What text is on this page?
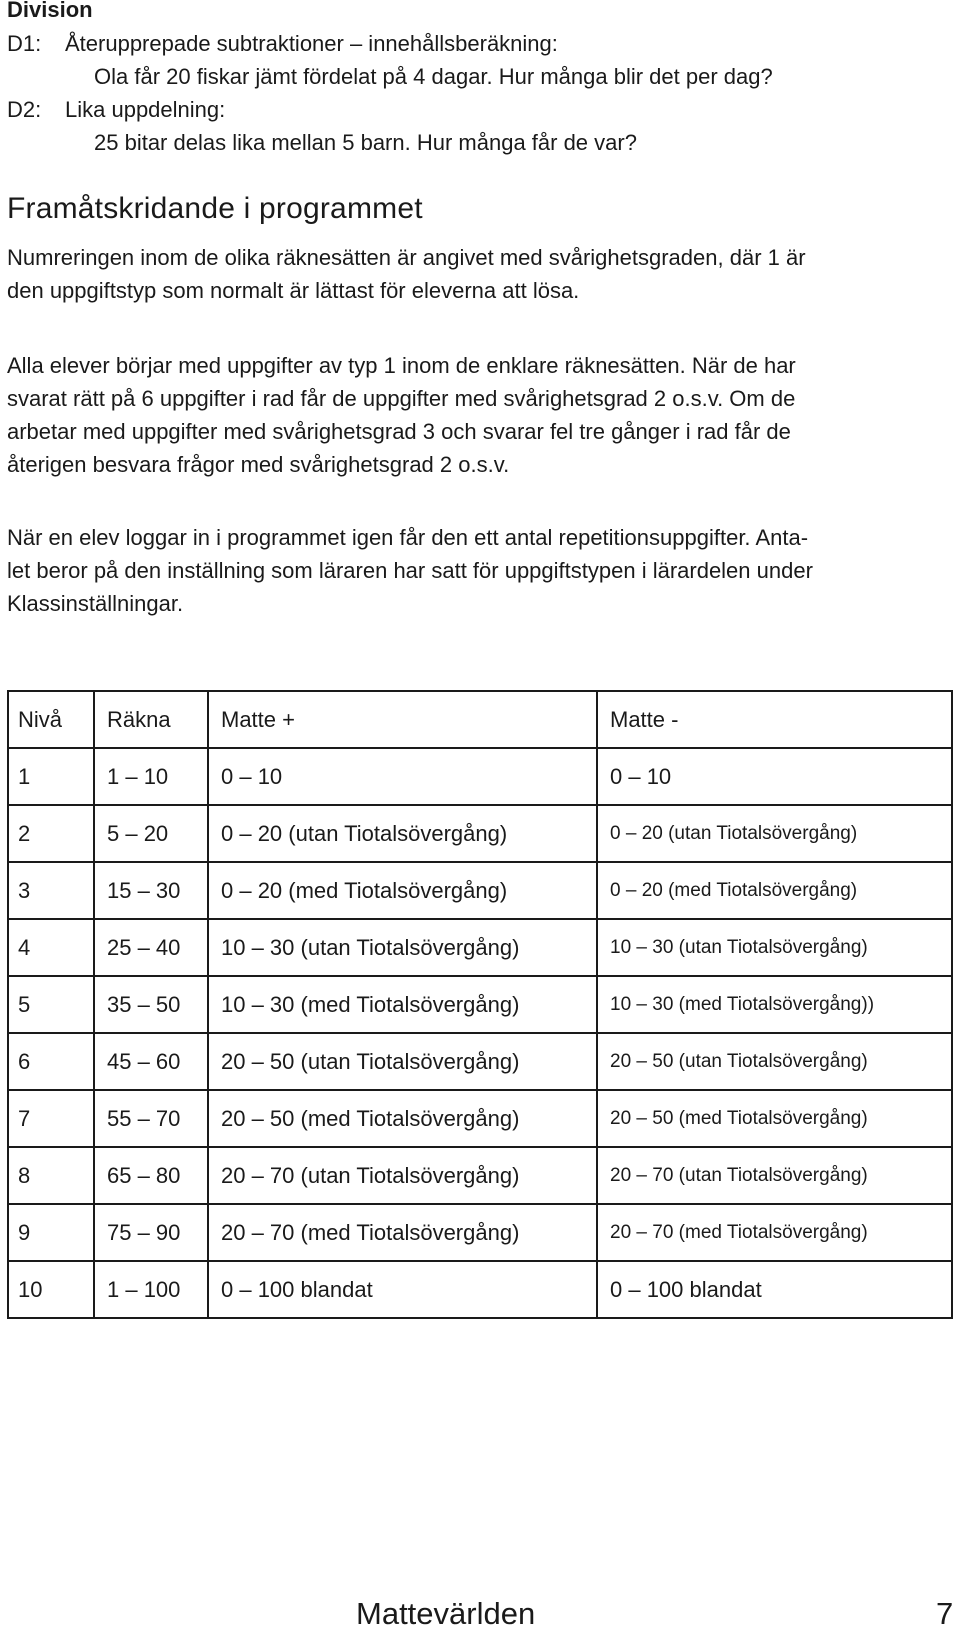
Division
D1: Återupprepade subtraktioner – innehållsberäkning:
Ola får 20 fiskar jämt fördelat på 4 dagar. Hur många blir det per dag?
D2: Lika uppdelning:
25 bitar delas lika mellan 5 barn. Hur många får de var?
Framåtskridande i programmet
Numreringen inom de olika räknesätten är angivet med svårighetsgraden, där 1 är
den uppgiftstyp som normalt är lättast för eleverna att lösa.
Alla elever börjar med uppgifter av typ 1 inom de enklare räknesätten. När de har
svarat rätt på 6 uppgifter i rad får de uppgifter med svårighetsgrad 2 o.s.v. Om de
arbetar med uppgifter med svårighetsgrad 3 och svarar fel tre gånger i rad får de
återigen besvara frågor med svårighetsgrad 2 o.s.v.
När en elev loggar in i programmet igen får den ett antal repetitionsuppgifter. Anta-
let beror på den inställning som läraren har satt för uppgiftstypen i lärardelen under
Klassinställningar.
Nivå	Räkna	Matte +	Matte -
1	1 – 10	0 – 10	0 – 10
2	5 – 20	0 – 20 (utan Tiotalsövergång)	0 – 20 (utan Tiotalsövergång)
3	15 – 30	0 – 20 (med Tiotalsövergång)	0 – 20 (med Tiotalsövergång)
4	25 – 40	10 – 30 (utan Tiotalsövergång)	10 – 30 (utan Tiotalsövergång)
5	35 – 50	10 – 30 (med Tiotalsövergång)	10 – 30 (med Tiotalsövergång))
6	45 – 60	20 – 50 (utan Tiotalsövergång)	20 – 50 (utan Tiotalsövergång)
7	55 – 70	20 – 50 (med Tiotalsövergång)	20 – 50 (med Tiotalsövergång)
8	65 – 80	20 – 70 (utan Tiotalsövergång)	20 – 70 (utan Tiotalsövergång)
9	75 – 90	20 – 70 (med Tiotalsövergång)	20 – 70 (med Tiotalsövergång)
10	1 – 100	0 – 100 blandat	0 – 100 blandat
Mattevärlden	7
